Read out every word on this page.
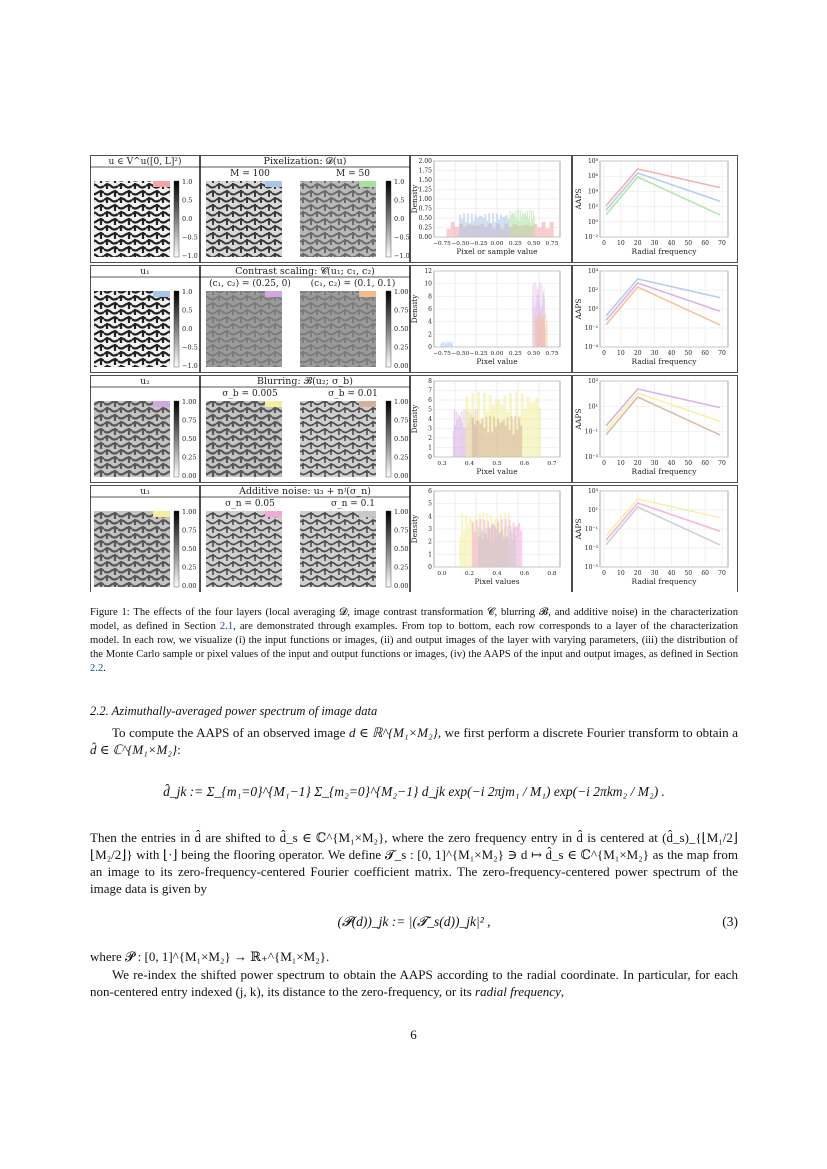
u ∈ V^u([0, L]²)	Pixelization: 𝓓(u)
M = 100	M = 50
1.0
0.5
0.0
−0.5
−1.0
1.0
0.5
0.0
−0.5
−1.0
2.00
1.75
1.50
1.25
1.00
0.75
0.50
0.25
0.00
−0.75 −0.50 −0.25 0.00 0.25 0.50 0.75
Pixel or sample value
Density
10⁸
10⁶
10⁴
10²
10⁰
10⁻²
0 10 20 30 40 50 60 70
Radial frequency
AAPS
u₁	Contrast scaling: 𝓒(u₁; c₁, c₂)
(c₁, c₂) = (0.25, 0) (c₁, c₂) = (0.1, 0.1)
1.0
0.5
0.0
−0.5
−1.0
1.00
0.75
0.50
0.25
0.00
12
10
8
6
4
2
0
−0.75 −0.50 −0.25 0.00 0.25 0.50 0.75
Pixel value
Density
10⁴
10²
10⁰
10⁻²
10⁻⁴
0 10 20 30 40 50 60 70
Radial frequency
AAPS
u₂	Blurring: 𝓑(u₂; σ_b)
σ_b = 0.005	σ_b = 0.01
1.00
0.75
0.50
0.25
0.00
1.00
0.75
0.50
0.25
0.00
8
7
6
5
4
3
2
1
0
0.3	0.4	0.5	0.6	0.7
Pixel value
Density
10³
10¹
10⁻¹
10⁻³
0 10 20 30 40 50 60 70
Radial frequency
AAPS
u₃	Additive noise: u₃ + nʲ(σ_n)
σ_n = 0.05	σ_n = 0.1
1.00
0.75
0.50
0.25
0.00
1.00
0.75
0.50
0.25
0.00
6
5
4
3
2
1
0
0.0	0.2	0.4	0.6	0.8
Pixel values
Density
10³
10¹
10⁻¹
10⁻³
10⁻⁵
0 10 20 30 40 50 60 70
Radial frequency
AAPS
Figure 1: The effects of the four layers (local averaging 𝓓, image contrast transformation 𝓒, blurring 𝓑, and additive noise) in the characterization model, as defined in Section 2.1, are demonstrated through examples. From top to bottom, each row corresponds to a layer of the characterization model. In each row, we visualize (i) the input functions or images, (ii) and output images of the layer with varying parameters, (iii) the distribution of the Monte Carlo sample or pixel values of the input and output functions or images, (iv) the AAPS of the input and output images, as defined in Section 2.2.
2.2. Azimuthally-averaged power spectrum of image data
To compute the AAPS of an observed image d ∈ ℝ^{M₁×M₂}, we first perform a discrete Fourier transform to obtain a d̂ ∈ ℂ^{M₁×M₂}:
d̂_jk := Σ_{m₁=0}^{M₁−1} Σ_{m₂=0}^{M₂−1} d_jk exp(−i 2πjm₁ / M₁) exp(−i 2πkm₂ / M₂) .
Then the entries in d̂ are shifted to d̂_s ∈ ℂ^{M₁×M₂}, where the zero frequency entry in d̂ is centered at (d̂_s)_{⌊M₁/2⌋⌊M₂/2⌋} with ⌊·⌋ being the flooring operator. We define 𝓣_s : [0, 1]^{M₁×M₂} ∋ d ↦ d̂_s ∈ ℂ^{M₁×M₂} as the map from an image to its zero-frequency-centered Fourier coefficient matrix. The zero-frequency-centered power spectrum of the image data is given by
(𝓟(d))_jk := |(𝓣_s(d))_jk|² ,	(3)
where 𝓟 : [0, 1]^{M₁×M₂} → ℝ₊^{M₁×M₂}.
We re-index the shifted power spectrum to obtain the AAPS according to the radial coordinate. In particular, for each non-centered entry indexed (j, k), its distance to the zero-frequency, or its radial frequency,
6
